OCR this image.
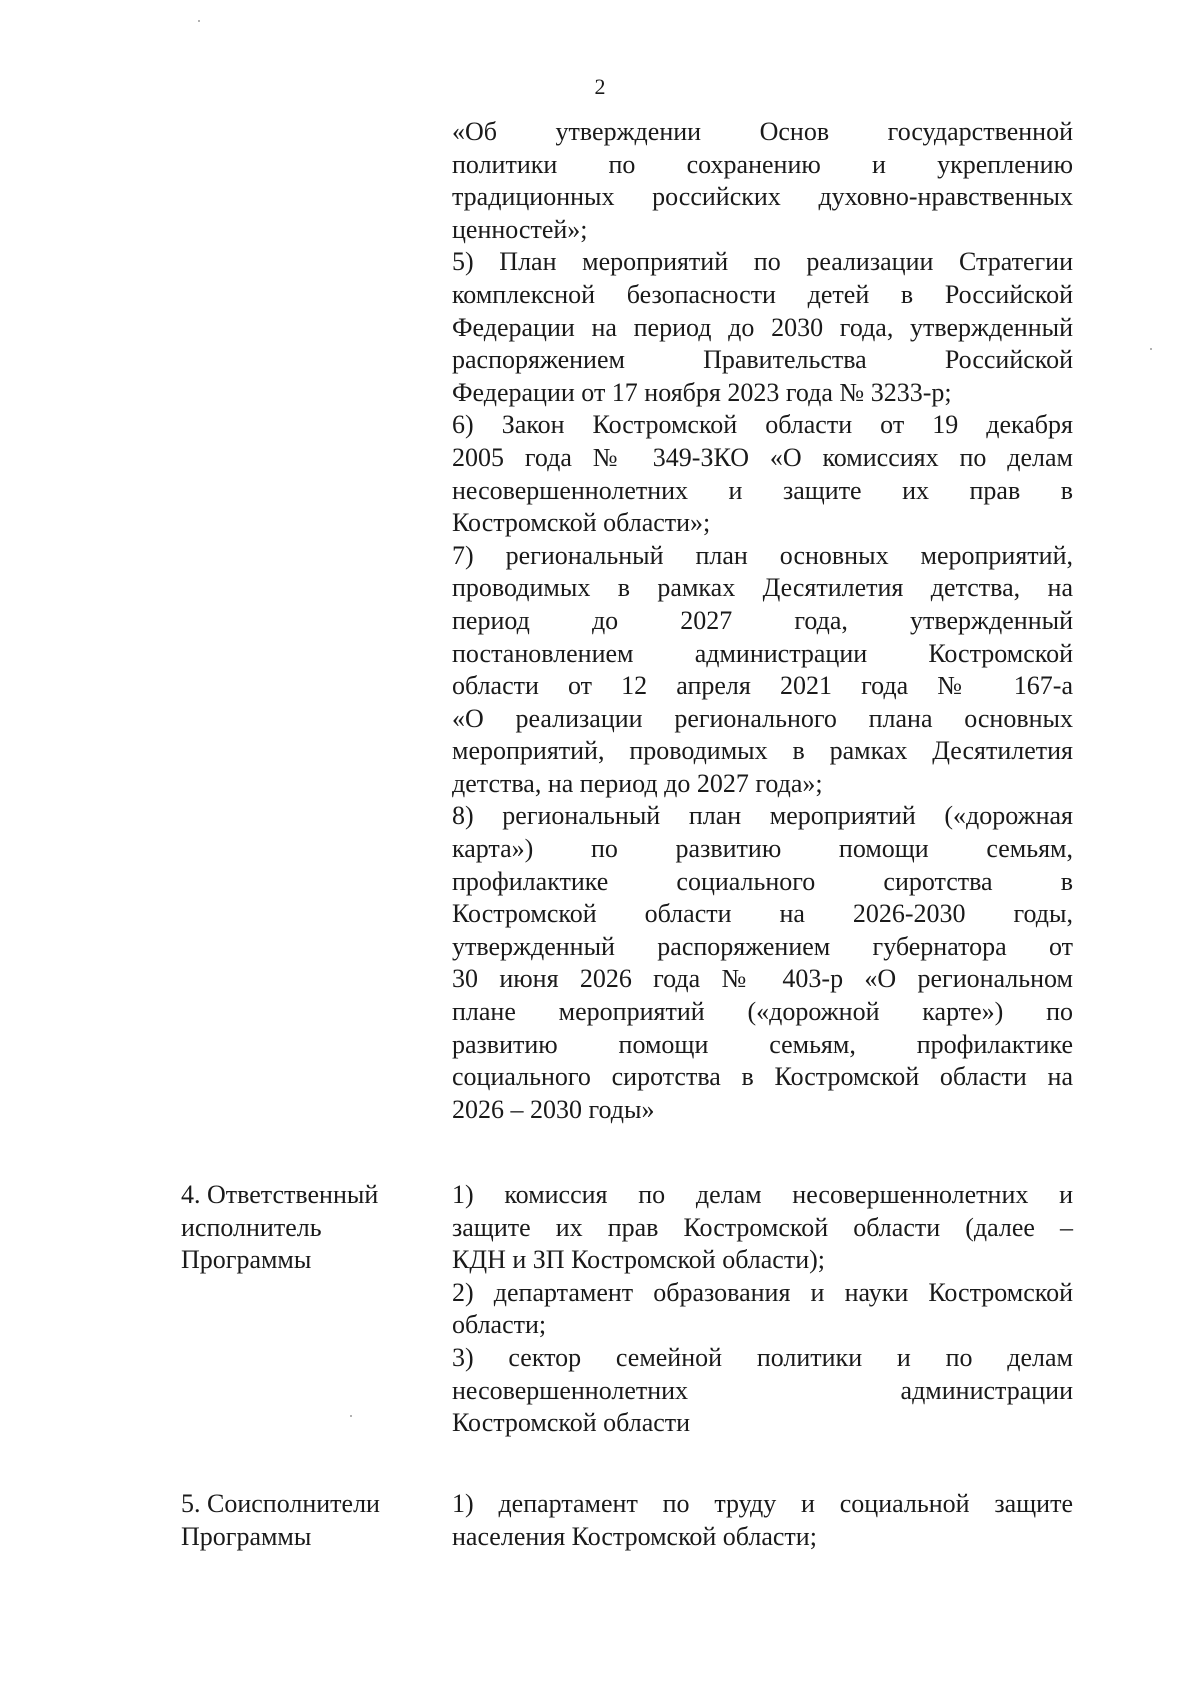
2
«Об утверждении Основ государственной
политики по сохранению и укреплению
традиционных российских духовно-нравственных
ценностей»;
5) План мероприятий по реализации Стратегии
комплексной безопасности детей в Российской
Федерации на период до 2030 года, утвержденный
распоряжением Правительства Российской
Федерации от 17 ноября 2023 года № 3233-р;
6) Закон Костромской области от 19 декабря
2005 года № 349-ЗКО «О комиссиях по делам
несовершеннолетних и защите их прав в
Костромской области»;
7) региональный план основных мероприятий,
проводимых в рамках Десятилетия детства, на
период до 2027 года, утвержденный
постановлением администрации Костромской
области от 12 апреля 2021 года № 167-а
«О реализации регионального плана основных
мероприятий, проводимых в рамках Десятилетия
детства, на период до 2027 года»;
8) региональный план мероприятий («дорожная
карта») по развитию помощи семьям,
профилактике социального сиротства в
Костромской области на 2026-2030 годы,
утвержденный распоряжением губернатора от
30 июня 2026 года № 403-р «О региональном
плане мероприятий («дорожной карте») по
развитию помощи семьям, профилактике
социального сиротства в Костромской области на
2026 – 2030 годы»
4. Ответственный
исполнитель
Программы
1) комиссия по делам несовершеннолетних и
защите их прав Костромской области (далее –
КДН и ЗП Костромской области);
2) департамент образования и науки Костромской
области;
3) сектор семейной политики и по делам
несовершеннолетних администрации
Костромской области
5. Соисполнители
Программы
1) департамент по труду и социальной защите
населения Костромской области;
